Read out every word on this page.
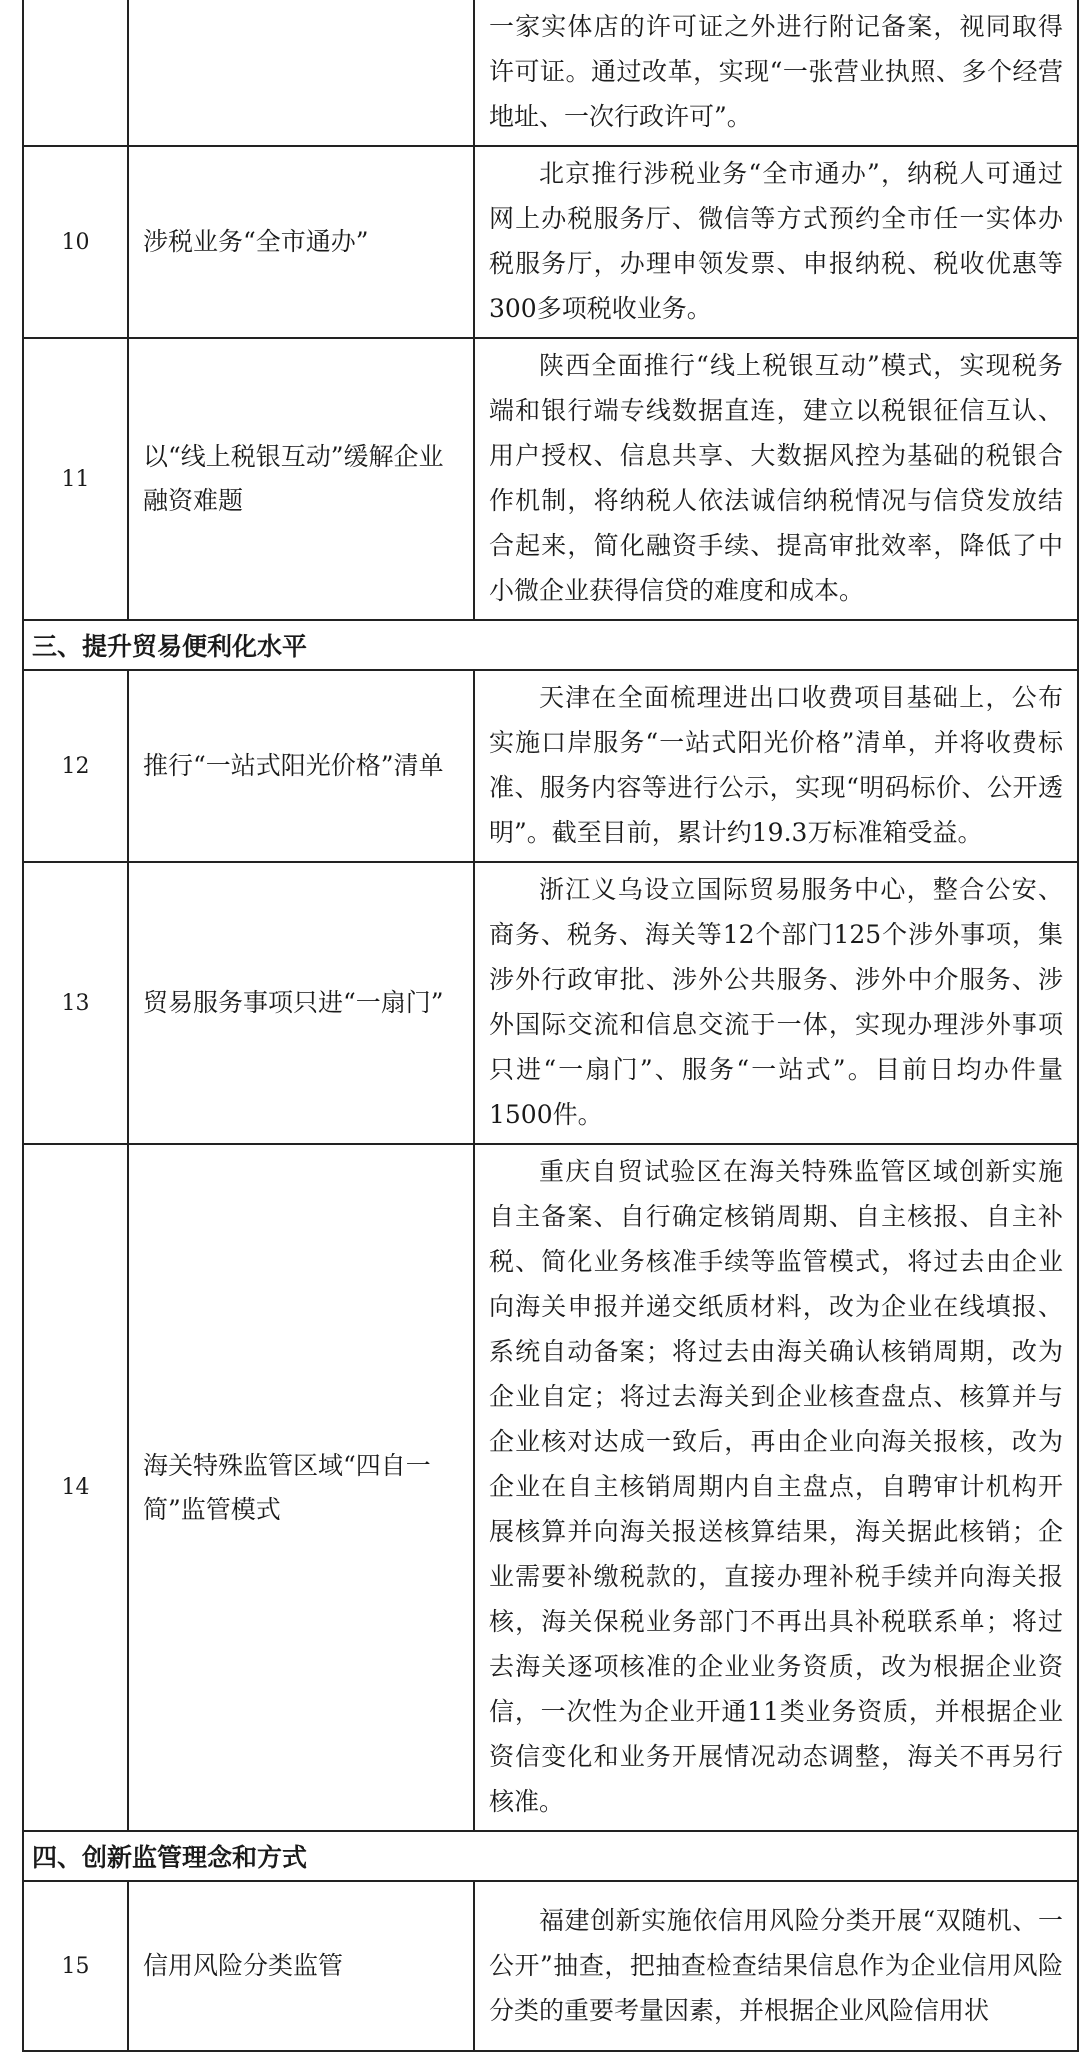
		一家实体店的许可证之外进行附记备案，视同取得许可证。通过改革，实现“一张营业执照、多个经营地址、一次行政许可”。
10	涉税业务“全市通办”	北京推行涉税业务“全市通办”，纳税人可通过网上办税服务厅、微信等方式预约全市任一实体办税服务厅，办理申领发票、申报纳税、税收优惠等300多项税收业务。
11	以“线上税银互动”缓解企业融资难题	陕西全面推行“线上税银互动”模式，实现税务端和银行端专线数据直连，建立以税银征信互认、用户授权、信息共享、大数据风控为基础的税银合作机制，将纳税人依法诚信纳税情况与信贷发放结合起来，简化融资手续、提高审批效率，降低了中小微企业获得信贷的难度和成本。
三、提升贸易便利化水平		
12	推行“一站式阳光价格”清单	天津在全面梳理进出口收费项目基础上，公布实施口岸服务“一站式阳光价格”清单，并将收费标准、服务内容等进行公示，实现“明码标价、公开透明”。截至目前，累计约19.3万标准箱受益。
13	贸易服务事项只进“一扇门”	浙江义乌设立国际贸易服务中心，整合公安、商务、税务、海关等12个部门125个涉外事项，集涉外行政审批、涉外公共服务、涉外中介服务、涉外国际交流和信息交流于一体，实现办理涉外事项只进“一扇门”、服务“一站式”。目前日均办件量1500件。
14	海关特殊监管区域“四自一简”监管模式	重庆自贸试验区在海关特殊监管区域创新实施自主备案、自行确定核销周期、自主核报、自主补税、简化业务核准手续等监管模式，将过去由企业向海关申报并递交纸质材料，改为企业在线填报、系统自动备案；将过去由海关确认核销周期，改为企业自定；将过去海关到企业核查盘点、核算并与企业核对达成一致后，再由企业向海关报核，改为企业在自主核销周期内自主盘点，自聘审计机构开展核算并向海关报送核算结果，海关据此核销；企业需要补缴税款的，直接办理补税手续并向海关报核，海关保税业务部门不再出具补税联系单；将过去海关逐项核准的企业业务资质，改为根据企业资信，一次性为企业开通11类业务资质，并根据企业资信变化和业务开展情况动态调整，海关不再另行核准。
四、创新监管理念和方式		
15	信用风险分类监管	福建创新实施依信用风险分类开展“双随机、一公开”抽查，把抽查检查结果信息作为企业信用风险分类的重要考量因素，并根据企业风险信用状
